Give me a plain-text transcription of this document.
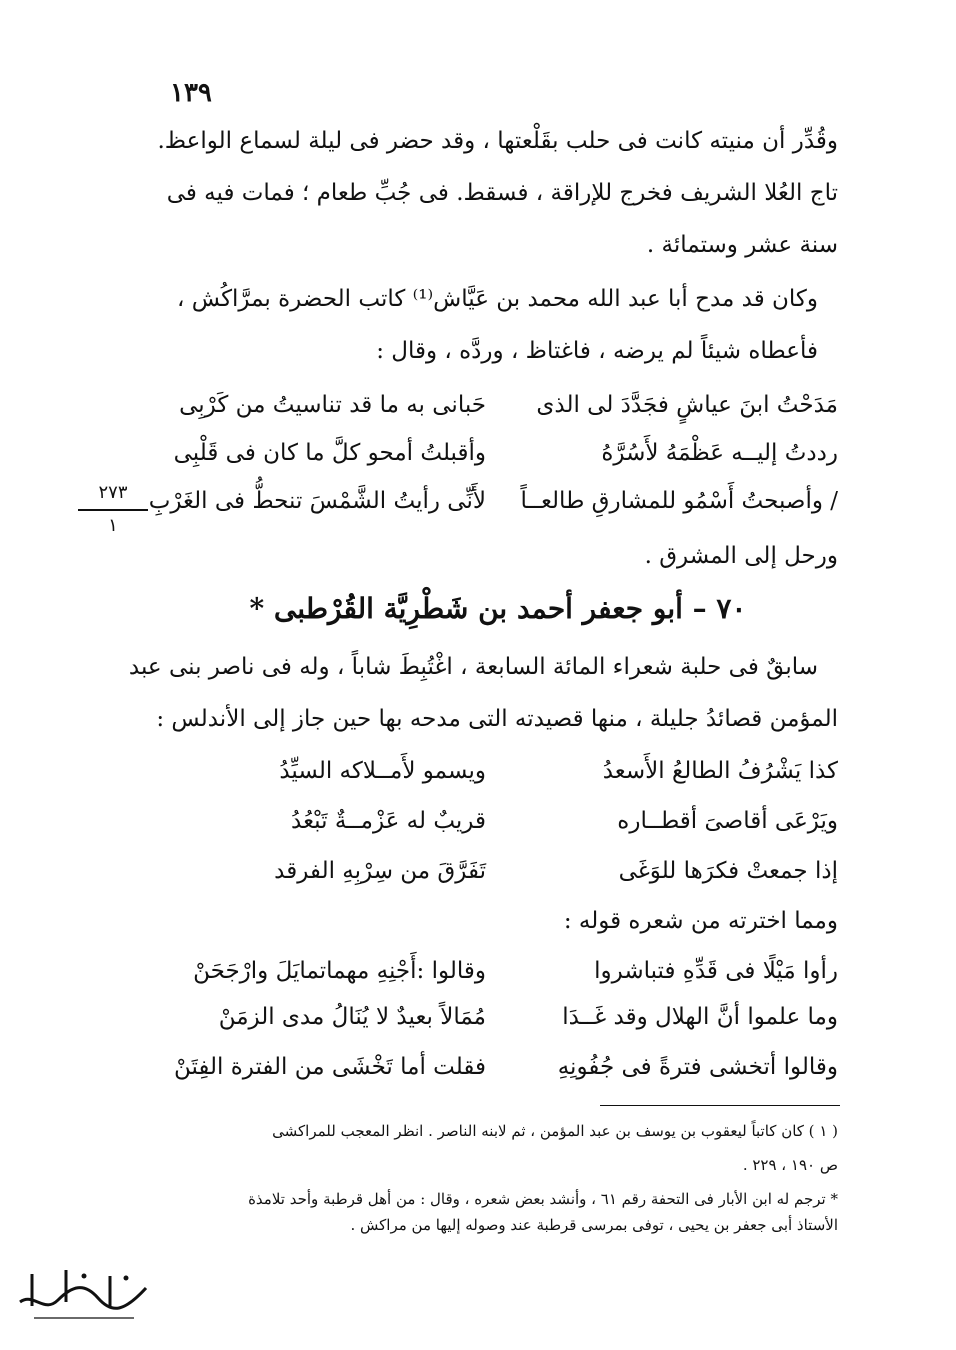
١٣٩
وقُدِّر أن منيته كانت فى حلب بقَلْعتها ، وقد حضر فى ليلة لسماع الواعظ.
تاج العُلا الشريف فخرج للإراقة ، فسقط. فى جُبِّ طعام ؛ فمات فيه فى
سنة عشر وستمائة .
وكان قد مدح أبا عبد الله محمد بن عَيَّاش⁽¹⁾ كاتب الحضرة بمرَّاكُش ،
فأعطاه شيئاً لم يرضه ، فاغتاظ ، وردَّه ، وقال :
مَدَحْتُ ابنَ عياشٍ فجَدَّدَ لى الذى
حَبانى به ما قد تناسيتُ من كَرْبِى
رددتُ إليــه عَظْمَهُ لأَسُرَّهُ
وأقبلتُ أمحو كلَّ ما كان فى قَلْبِى
/ وأصبحتُ أَسْمُو للمشارقِ طالعــاً
لأَنِّى رأيتُ الشَّمْسَ تنحطُّ فى الغَرْبِ
٢٧٣
١
ورحل إلى المشرق .
٧٠ – أبو جعفر أحمد بن شَطْرِيَّة القُرْطبى *
سابقٌ فى حلبة شعراء المائة السابعة ، اغْتُبِطَ شاباً ، وله فى ناصر بنى عبد
المؤمن قصائدُ جليلة ، منها قصيدته التى مدحه بها حين جاز إلى الأندلس :
كذا يَشْرُفُ الطالعُ الأَسعدُ
ويسمو لأَمــلاكه السيِّدُ
ويَرْعَى أقاصىَ أقطــاره
قريبٌ له عَزْمــةٌ تَبْعُدُ
إذا جمعتْ فكرَها للوَغَى
تَفَرَّقَ من سِرْبِهِ الفرقد
ومما اخترته من شعره قوله :
رأوا مَيْلًا فى قَدِّهِ فتباشروا
وقالوا :أَجْنِهِ مهماتمايَلَ وارْجَحَنْ
وما علموا أنَّ الهلال وقد غَــدَا
مُمَالاً بعيدٌ لا يُنَالُ مدى الزمَنْ
وقالوا أتخشى فترةً فى جُفُونِهِ
فقلت أما تَخْشَى من الفترة الفِتَنْ
( ١ ) كان كاتباً ليعقوب بن يوسف بن عبد المؤمن ، ثم لابنه الناصر . انظر المعجب للمراكشى
ص ١٩٠ ، ٢٢٩ .
* ترجم له ابن الأبار فى التحفة رقم ٦١ ، وأنشد بعض شعره ، وقال : من أهل قرطبة وأحد تلامذة
الأستاذ أبى جعفر بن يحيى ، توفى بمرسى قرطبة عند وصوله إليها من مراكش .
